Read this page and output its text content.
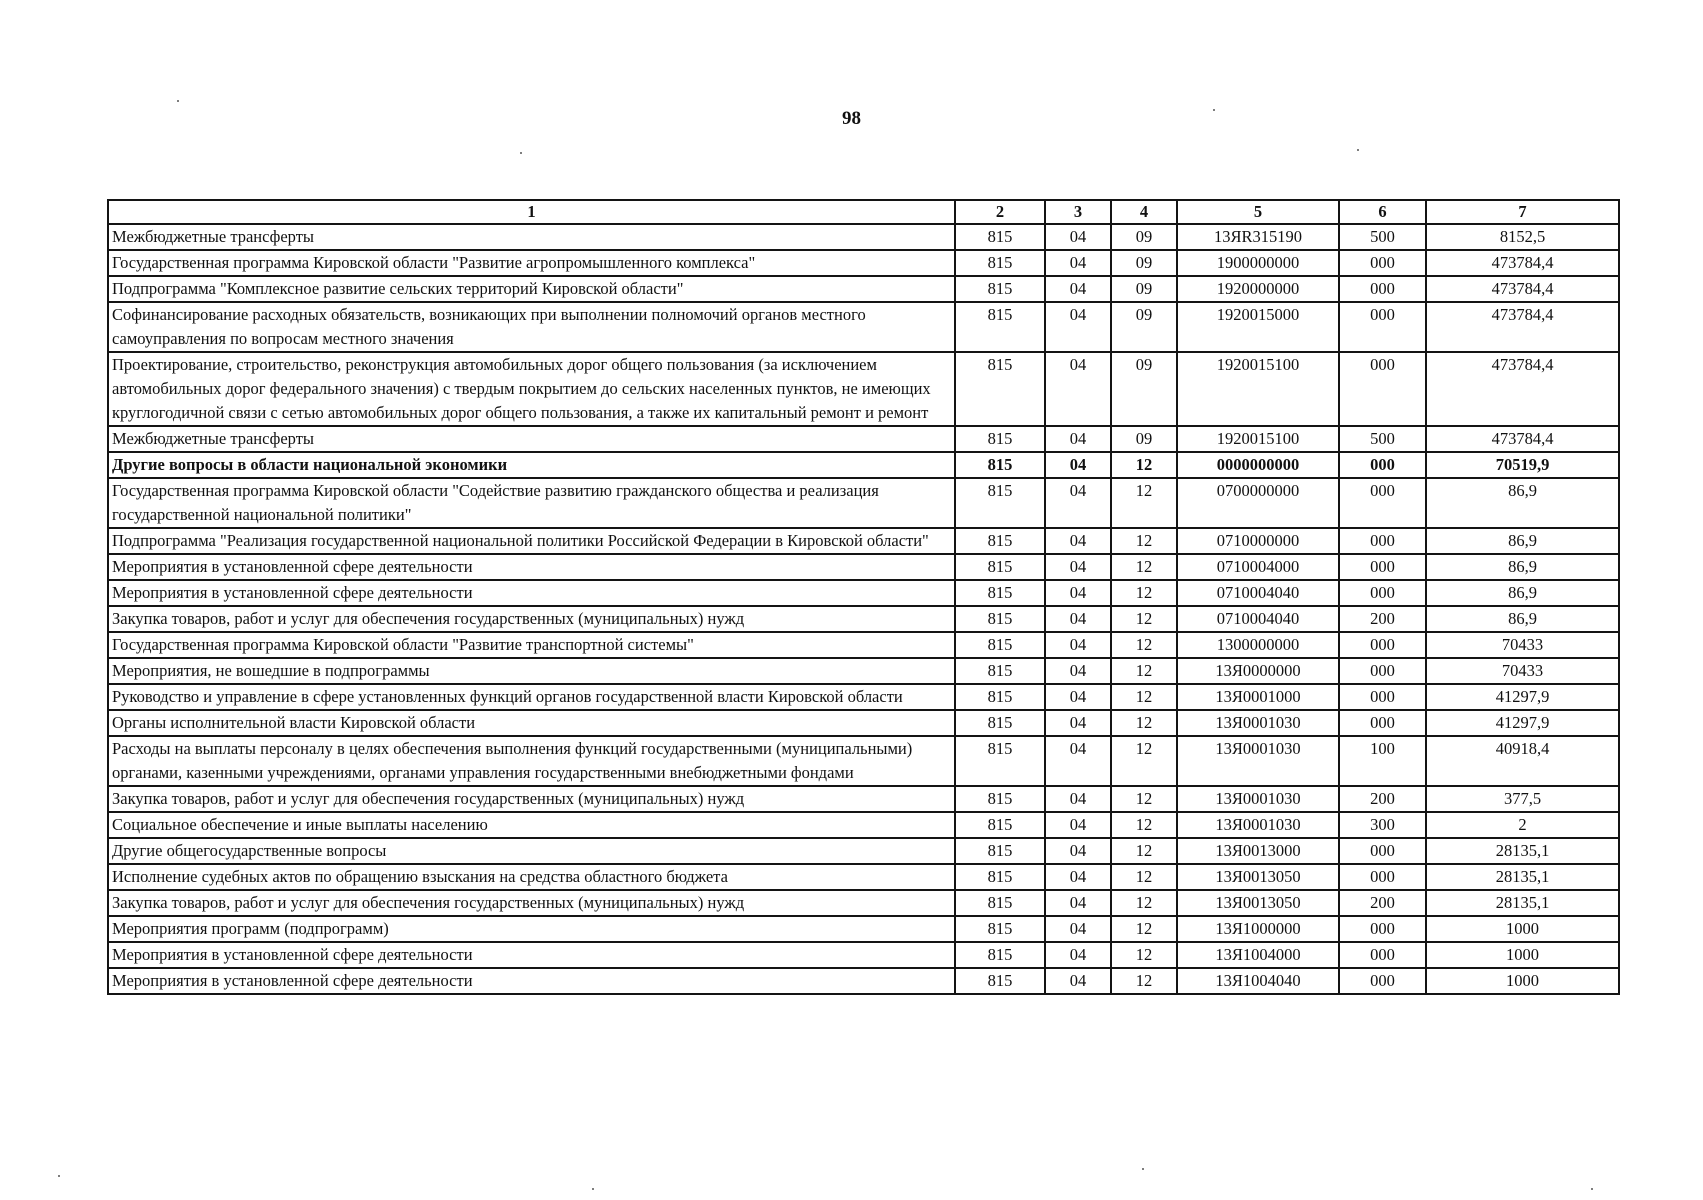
98
1	2	3	4	5	6	7
Межбюджетные трансферты	815	04	09	13ЯR315190	500	8152,5
Государственная программа Кировской области "Развитие агропромышленного комплекса"	815	04	09	1900000000	000	473784,4
Подпрограмма "Комплексное развитие сельских территорий Кировской области"	815	04	09	1920000000	000	473784,4
Софинансирование расходных обязательств, возникающих при выполнении полномочий органов местного самоуправления по вопросам местного значения	815	04	09	1920015000	000	473784,4
Проектирование, строительство, реконструкция автомобильных дорог общего пользования (за исключением автомобильных дорог федерального значения) с твердым покрытием до сельских населенных пунктов, не имеющих круглогодичной связи с сетью автомобильных дорог общего пользования, а также их капитальный ремонт и ремонт	815	04	09	1920015100	000	473784,4
Межбюджетные трансферты	815	04	09	1920015100	500	473784,4
Другие вопросы в области национальной экономики	815	04	12	0000000000	000	70519,9
Государственная программа Кировской области "Содействие развитию гражданского общества и реализация государственной национальной политики"	815	04	12	0700000000	000	86,9
Подпрограмма "Реализация государственной национальной политики Российской Федерации в Кировской области"	815	04	12	0710000000	000	86,9
Мероприятия в установленной сфере деятельности	815	04	12	0710004000	000	86,9
Мероприятия в установленной сфере деятельности	815	04	12	0710004040	000	86,9
Закупка товаров, работ и услуг для обеспечения государственных (муниципальных) нужд	815	04	12	0710004040	200	86,9
Государственная программа Кировской области "Развитие транспортной системы"	815	04	12	1300000000	000	70433
Мероприятия, не вошедшие в подпрограммы	815	04	12	13Я0000000	000	70433
Руководство и управление в сфере установленных функций органов государственной власти Кировской области	815	04	12	13Я0001000	000	41297,9
Органы исполнительной власти Кировской области	815	04	12	13Я0001030	000	41297,9
Расходы на выплаты персоналу в целях обеспечения выполнения функций государственными (муниципальными) органами, казенными учреждениями, органами управления государственными внебюджетными фондами	815	04	12	13Я0001030	100	40918,4
Закупка товаров, работ и услуг для обеспечения государственных (муниципальных) нужд	815	04	12	13Я0001030	200	377,5
Социальное обеспечение и иные выплаты населению	815	04	12	13Я0001030	300	2
Другие общегосударственные вопросы	815	04	12	13Я0013000	000	28135,1
Исполнение судебных актов по обращению взыскания на средства областного бюджета	815	04	12	13Я0013050	000	28135,1
Закупка товаров, работ и услуг для обеспечения государственных (муниципальных) нужд	815	04	12	13Я0013050	200	28135,1
Мероприятия программ (подпрограмм)	815	04	12	13Я1000000	000	1000
Мероприятия в установленной сфере деятельности	815	04	12	13Я1004000	000	1000
Мероприятия в установленной сфере деятельности	815	04	12	13Я1004040	000	1000
